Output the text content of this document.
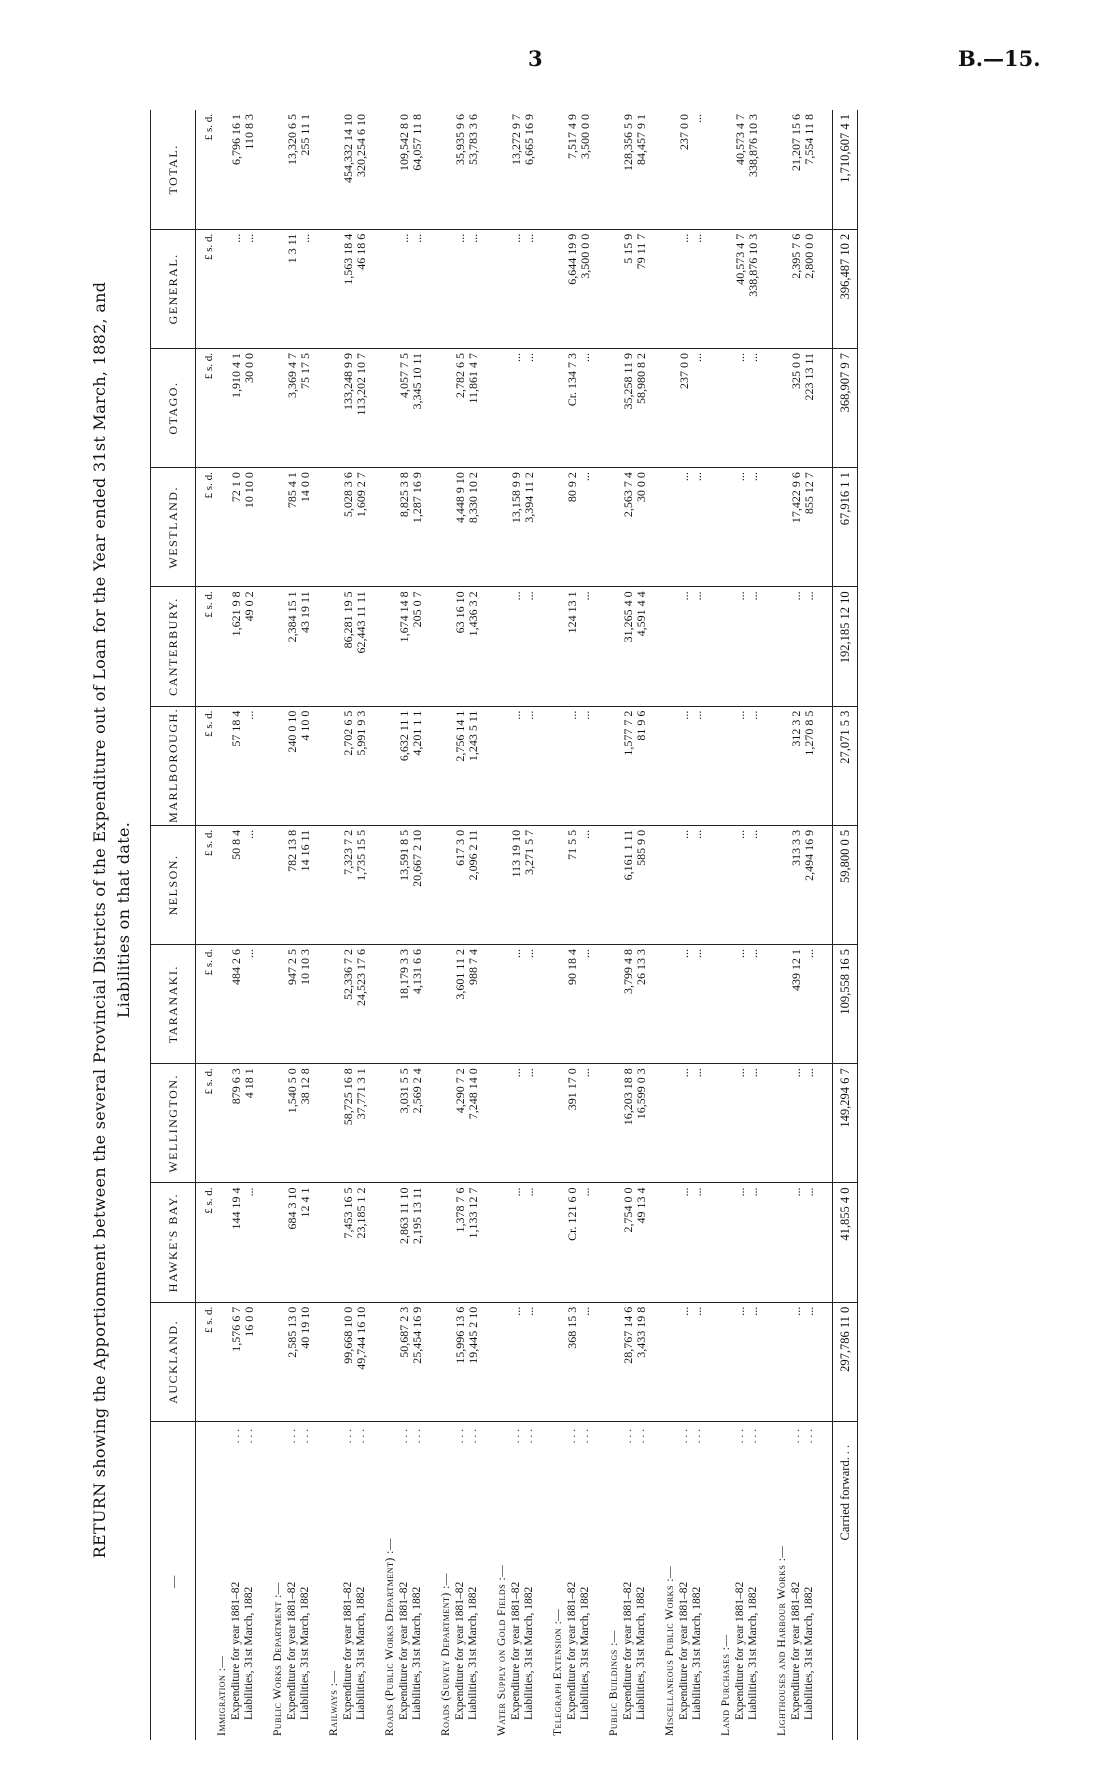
3	B.—15.
RETURN showing the Apportionment between the several Provincial Districts of the Expenditure out of Loan for the Year ended 31st March, 1882, and Liabilities on that date.
—	AUCKLAND.	HAWKE'S BAY.	WELLINGTON.	TARANAKI.	NELSON.	MARLBOROUGH.	CANTERBURY.	WESTLAND.	OTAGO.	GENERAL.	TOTAL.
	£ s. d.	£ s. d.	£ s. d.	£ s. d.	£ s. d.	£ s. d.	£ s. d.	£ s. d.	£ s. d.	£ s. d.	£ s. d.
Immigration :—											
Expenditure for year 1881–82
...	1,576 6 7	144 19 4	879 6 3	484 2 6	50 8 4	57 18 4	1,621 9 8	72 1 0	1,910 4 1	...	6,796 16 1
Liabilities, 31st March, 1882
...	16 0 0	...	4 18 1	...	...	...	49 0 2	10 10 0	30 0 0	...	110 8 3

Public Works Department :—											
Expenditure for year 1881–82
...	2,585 13 0	684 3 10	1,540 5 0	947 2 5	782 13 8	240 0 10	2,384 15 1	785 4 1	3,369 4 7	1 3 11	13,320 6 5
Liabilities, 31st March, 1882
...	40 19 10	12 4 1	38 12 8	10 10 3	14 16 11	4 10 0	43 19 11	14 0 0	75 17 5	...	255 11 1

Railways :—											
Expenditure for year 1881–82
...	99,668 10 0	7,453 16 5	58,725 16 8	52,336 7 2	7,323 7 2	2,702 6 5	86,281 19 5	5,028 3 6	133,248 9 9	1,563 18 4	454,332 14 10
Liabilities, 31st March, 1882
...	49,744 16 10	23,185 1 2	37,771 3 1	24,523 17 6	1,735 15 5	5,991 9 3	62,443 11 11	1,609 2 7	113,202 10 7	46 18 6	320,254 6 10

Roads (Public Works Department) :—											
Expenditure for year 1881–82
...	50,687 2 3	2,863 11 10	3,031 5 5	18,179 3 3	13,591 8 5	6,632 11 1	1,674 14 8	8,825 3 8	4,057 7 5	...	109,542 8 0
Liabilities, 31st March, 1882
...	25,454 16 9	2,195 13 11	2,569 2 4	4,131 6 6	20,667 2 10	4,201 1 1	205 0 7	1,287 16 9	3,345 10 11	...	64,057 11 8

Roads (Survey Department) :—											
Expenditure for year 1881–82
...	15,996 13 6	1,378 7 6	4,290 7 2	3,601 11 2	617 3 0	2,756 14 1	63 16 10	4,448 9 10	2,782 6 5	...	35,935 9 6
Liabilities, 31st March, 1882
...	19,445 2 10	1,133 12 7	7,248 14 0	988 7 4	2,096 2 11	1,243 5 11	1,436 3 2	8,330 10 2	11,861 4 7	...	53,783 3 6

Water Supply on Gold Fields :—											
Expenditure for year 1881–82
...	...	...	...	...	113 19 10	...	...	13,158 9 9	...	...	13,272 9 7
Liabilities, 31st March, 1882
...	...	...	...	...	3,271 5 7	...	...	3,394 11 2	...	...	6,665 16 9

Telegraph Extension :—											
Expenditure for year 1881–82
...	368 15 3	Cr. 121 6 0	391 17 0	90 18 4	71 5 5	...	124 13 1	80 9 2	Cr. 134 7 3	6,644 19 9	7,517 4 9
Liabilities, 31st March, 1882
...	...	...	...	...	...	...	...	...	...	3,500 0 0	3,500 0 0

Public Buildings :—											
Expenditure for year 1881–82
...	28,767 14 6	2,754 0 0	16,203 18 8	3,799 4 8	6,161 1 11	1,577 7 2	31,265 4 0	2,563 7 4	35,258 11 9	5 15 9	128,356 5 9
Liabilities, 31st March, 1882
...	3,433 19 8	49 13 4	16,599 0 3	26 13 3	585 9 0	81 9 6	4,591 4 4	30 0 0	58,980 8 2	79 11 7	84,457 9 1

Miscellaneous Public Works :—											
Expenditure for year 1881–82
...	...	...	...	...	...	...	...	...	237 0 0	...	237 0 0
Liabilities, 31st March, 1882
...	...	...	...	...	...	...	...	...	...	...	...

Land Purchases :—											
Expenditure for year 1881–82
...	...	...	...	...	...	...	...	...	...	40,573 4 7	40,573 4 7
Liabilities, 31st March, 1882
...	...	...	...	...	...	...	...	...	...	338,876 10 3	338,876 10 3

Lighthouses and Harbour Works :—											
Expenditure for year 1881–82
...	...	...	...	439 12 1	313 3 3	312 3 2	...	17,422 9 6	325 0 0	2,395 7 6	21,207 15 6
Liabilities, 31st March, 1882
...	...	...	...	...	2,494 16 9	1,270 8 5	...	855 12 7	223 13 11	2,800 0 0	7,554 11 8

Carried forward
...	297,786 11 0	41,855 4 0	149,294 6 7	109,558 16 5	59,800 0 5	27,071 5 3	192,185 12 10	67,916 1 1	368,907 9 7	396,487 10 2	1,710,607 4 1
